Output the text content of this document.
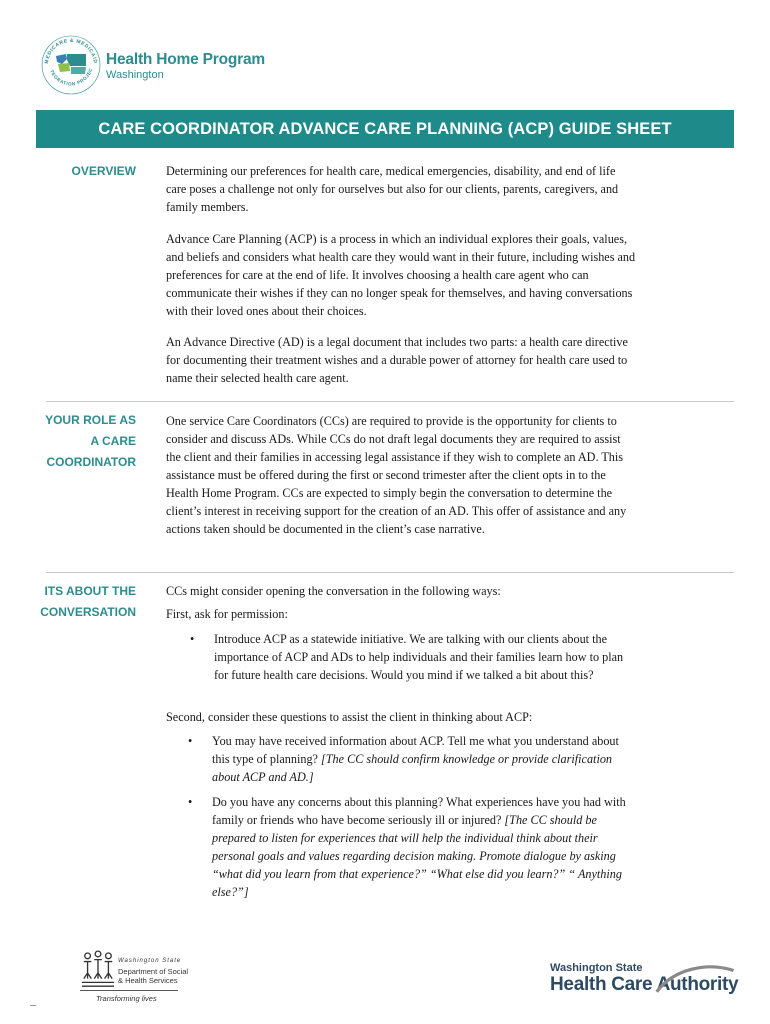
MEDICARE & MEDICAID
TEGRATION PROJEC
Health Home Program
Washington
CARE COORDINATOR ADVANCE CARE PLANNING (ACP) GUIDE SHEET
OVERVIEW Determining our preferences for health care, medical emergencies, disability, and end of life care poses a challenge not only for ourselves but also for our clients, parents, caregivers, and family members.

Advance Care Planning (ACP) is a process in which an individual explores their goals, values, and beliefs and considers what health care they would want in their future, including wishes and preferences for care at the end of life. It involves choosing a health care agent who can communicate their wishes if they can no longer speak for themselves, and having conversations with their loved ones about their choices.

An Advance Directive (AD) is a legal document that includes two parts: a health care directive for documenting their treatment wishes and a durable power of attorney for health care used to name their selected health care agent.

YOUR ROLE AS
A CARE
COORDINATOR

One service Care Coordinators (CCs) are required to provide is the opportunity for clients to consider and discuss ADs. While CCs do not draft legal documents they are required to assist the client and their families in accessing legal assistance if they wish to complete an AD. This assistance must be offered during the first or second trimester after the client opts in to the Health Home Program. CCs are expected to simply begin the conversation to determine the client’s interest in receiving support for the creation of an AD. This offer of assistance and any actions taken should be documented in the client’s case narrative.

ITS ABOUT THE
CONVERSATION
CCs might consider opening the conversation in the following ways:
First, ask for permission:
• Introduce ACP as a statewide initiative. We are talking with our clients about the importance of ACP and ADs to help individuals and their families learn how to plan for future health care decisions. Would you mind if we talked a bit about this?
Second, consider these questions to assist the client in thinking about ACP:
• You may have received information about ACP. Tell me what you understand about this type of planning? [The CC should confirm knowledge or provide clarification about ACP and AD.]
• Do you have any concerns about this planning? What experiences have you had with family or friends who have become seriously ill or injured? [The CC should be prepared to listen for experiences that will help the individual think about their personal goals and values regarding decision making. Promote dialogue by asking “what did you learn from that experience?” “What else did you learn?” “ Anything else?”]
Washington State
Department of Social
& Health Services
Transforming lives
Washington State
Health Care Authority
